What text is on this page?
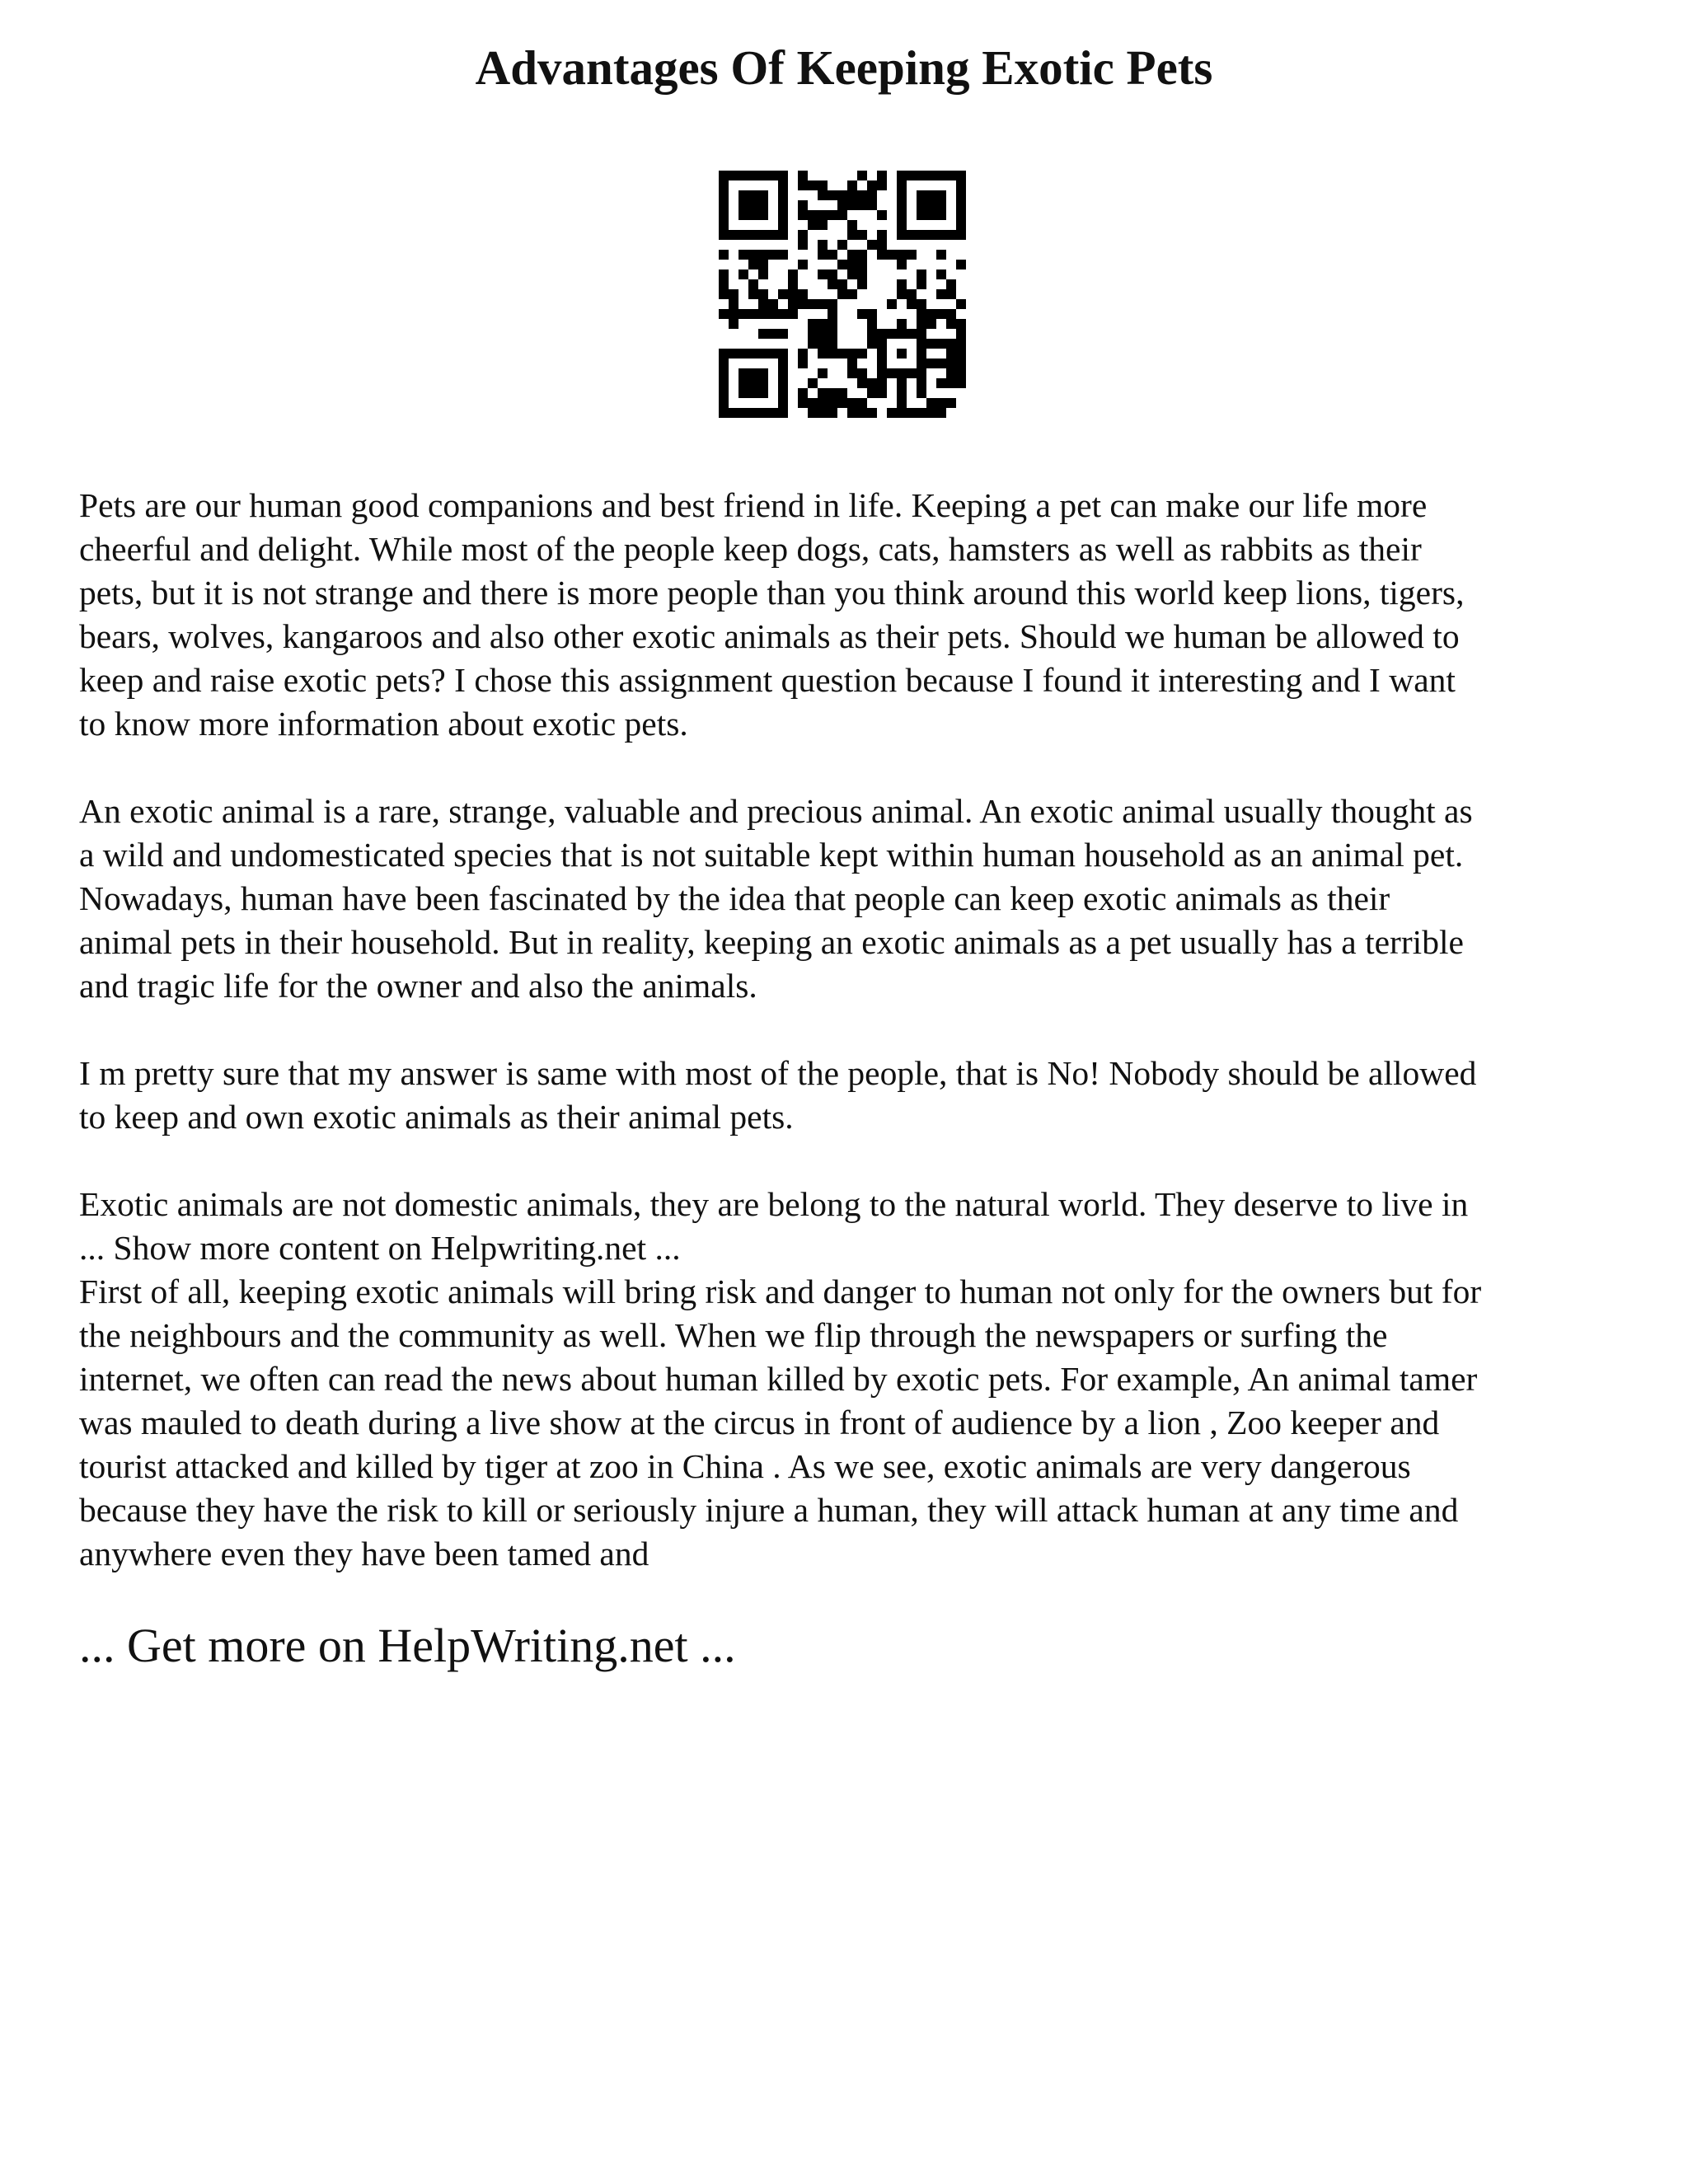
Advantages Of Keeping Exotic Pets

Pets are our human good companions and best friend in life. Keeping a pet can make our life more
cheerful and delight. While most of the people keep dogs, cats, hamsters as well as rabbits as their
pets, but it is not strange and there is more people than you think around this world keep lions, tigers,
bears, wolves, kangaroos and also other exotic animals as their pets. Should we human be allowed to
keep and raise exotic pets? I chose this assignment question because I found it interesting and I want
to know more information about exotic pets.

An exotic animal is a rare, strange, valuable and precious animal. An exotic animal usually thought as
a wild and undomesticated species that is not suitable kept within human household as an animal pet.
Nowadays, human have been fascinated by the idea that people can keep exotic animals as their
animal pets in their household. But in reality, keeping an exotic animals as a pet usually has a terrible
and tragic life for the owner and also the animals.

I m pretty sure that my answer is same with most of the people, that is No! Nobody should be allowed
to keep and own exotic animals as their animal pets.

Exotic animals are not domestic animals, they are belong to the natural world. They deserve to live in
... Show more content on Helpwriting.net ...
First of all, keeping exotic animals will bring risk and danger to human not only for the owners but for
the neighbours and the community as well. When we flip through the newspapers or surfing the
internet, we often can read the news about human killed by exotic pets. For example, An animal tamer
was mauled to death during a live show at the circus in front of audience by a lion , Zoo keeper and
tourist attacked and killed by tiger at zoo in China . As we see, exotic animals are very dangerous
because they have the risk to kill or seriously injure a human, they will attack human at any time and
anywhere even they have been tamed and

... Get more on HelpWriting.net ...
